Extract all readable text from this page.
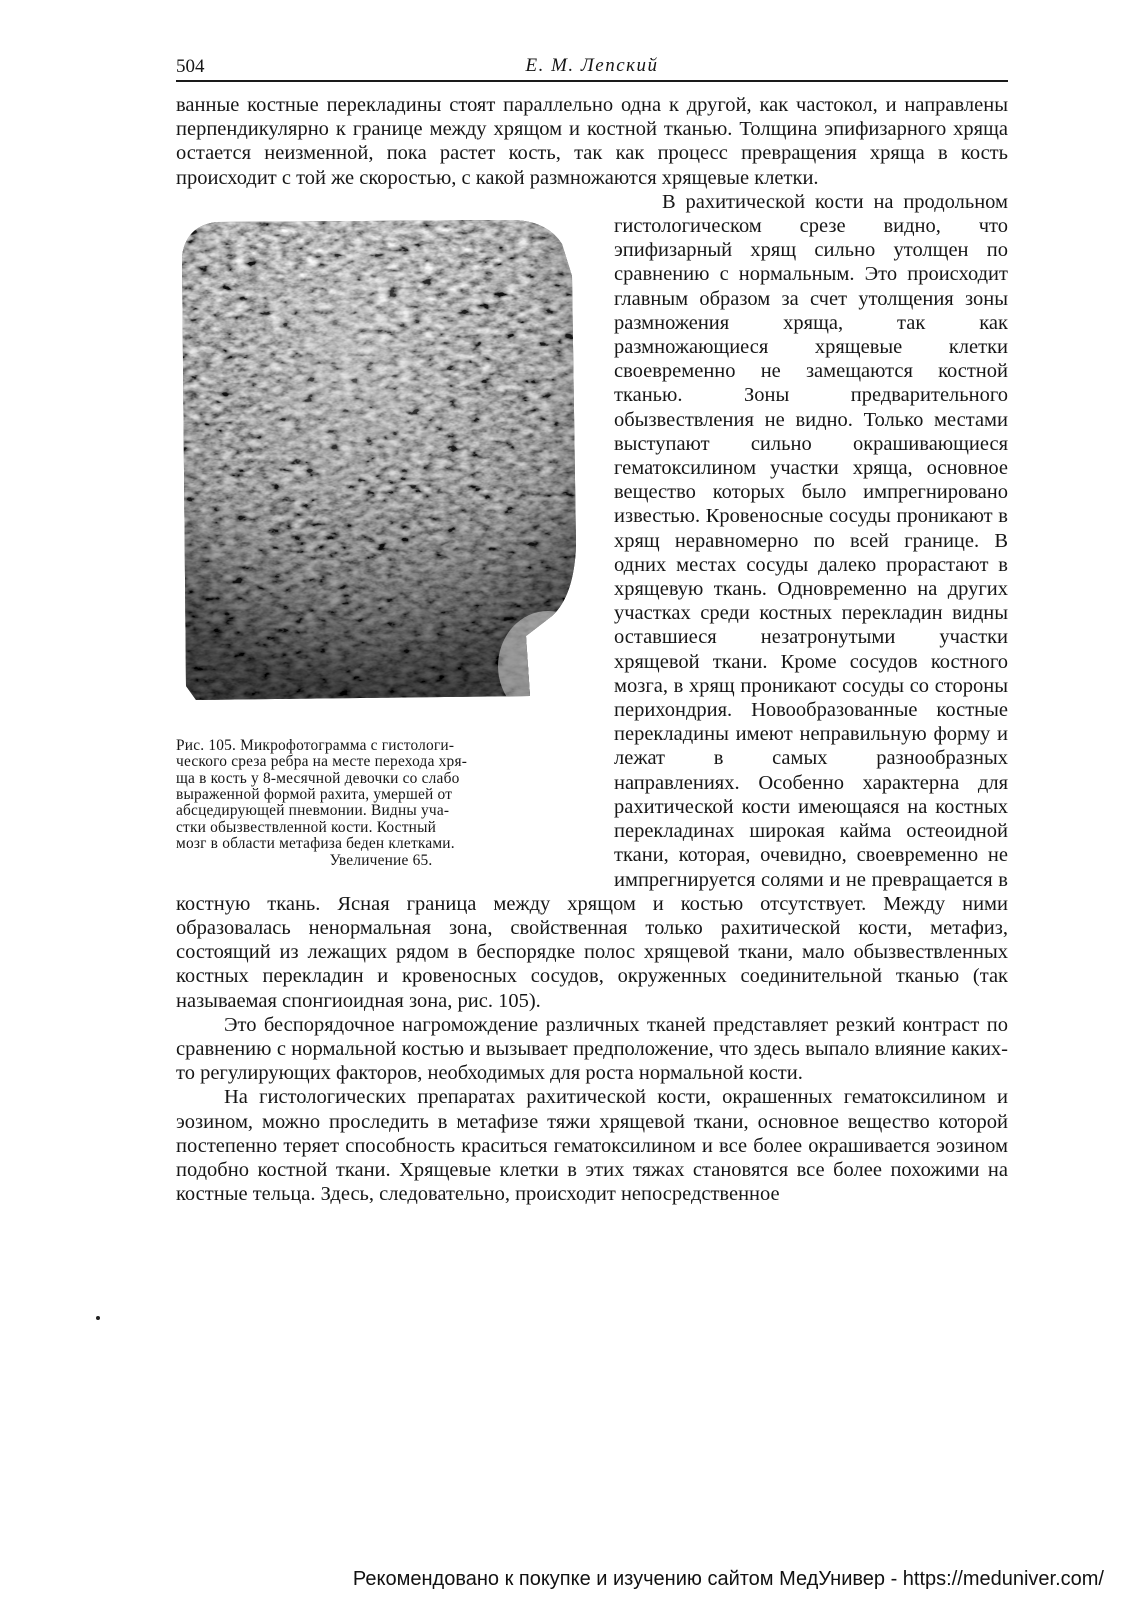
504	Е. М. Лепский

ванные костные перекладины стоят параллельно одна к другой, как частокол, и направлены перпендикулярно к границе между хрящом и костной тканью. Толщина эпифизарного хряща остается неизменной, пока растет кость, так как процесс превращения хряща в кость происходит с той же скоростью, с какой размножаются хрящевые клетки.

Рис. 105. Микрофотограмма с гистологи-
ческого среза ребра на месте перехода хря-
ща в кость у 8-месячной девочки со слабо
выраженной формой рахита, умершей от
абсцедирующей пневмонии. Видны уча-
стки обызвествленной кости. Костный
мозг в области метафиза беден клетками.
Увеличение 65.

В рахитической кости на продольном гистологическом срезе видно, что эпифизарный хрящ сильно утолщен по сравнению с нормальным. Это происходит главным образом за счет утолщения зоны размножения хряща, так как размножающиеся хрящевые клетки своевременно не замещаются костной тканью. Зоны предварительного обызвествления не видно. Только местами выступают сильно окрашивающиеся гематоксилином участки хряща, основное вещество которых было импрегнировано известью. Кровеносные сосуды проникают в хрящ неравномерно по всей границе. В одних местах сосуды далеко прорастают в хрящевую ткань. Одновременно на других участках среди костных перекладин видны оставшиеся незатронутыми участки хрящевой ткани. Кроме сосудов костного мозга, в хрящ проникают сосуды со стороны перихондрия. Новообразованные костные перекладины имеют неправильную форму и лежат в самых разнообразных направлениях. Особенно характерна для рахитической кости имеющаяся на костных перекладинах широкая кайма остеоидной ткани, которая, очевидно, своевременно не импрегнируется солями и не превращается в костную ткань. Ясная граница между хрящом и костью отсутствует. Между ними образовалась ненормальная зона, свойственная только рахитической кости, метафиз, состоящий из лежащих рядом в беспорядке полос хрящевой ткани, мало обызвествленных костных перекладин и кровеносных сосудов, окруженных соединительной тканью (так называемая спонгиоидная зона, рис. 105).

Это беспорядочное нагромождение различных тканей представляет резкий контраст по сравнению с нормальной костью и вызывает предположение, что здесь выпало влияние каких-то регулирующих факторов, необходимых для роста нормальной кости.

На гистологических препаратах рахитической кости, окрашенных гематоксилином и эозином, можно проследить в метафизе тяжи хрящевой ткани, основное вещество которой постепенно теряет способность краситься гематоксилином и все более окрашивается эозином подобно костной ткани. Хрящевые клетки в этих тяжах становятся все более похожими на костные тельца. Здесь, следовательно, происходит непосредственное

Рекомендовано к покупке и изучению сайтом МедУнивер - https://meduniver.com/
